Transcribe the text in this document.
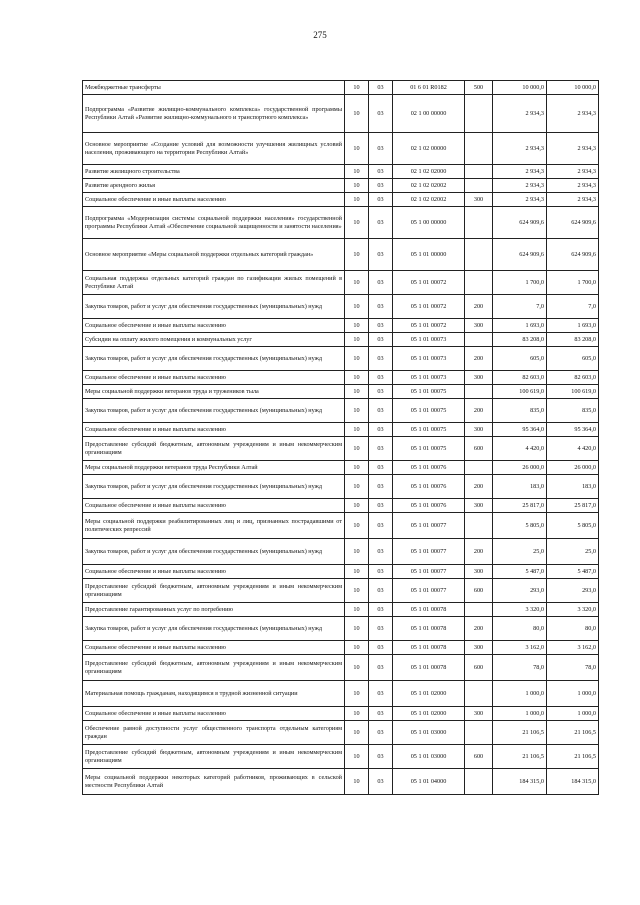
275
Межбюджетные трансферты	10	03	01 6 01 R0182	500	10 000,0	10 000,0
Подпрограмма «Развитие жилищно-коммунального комплекса» государственной программы Республики Алтай «Развитие жилищно-коммунального и транспортного комплекса»	10	03	02 1 00 00000		2 934,3	2 934,3
Основное мероприятие «Создание условий для возможности улучшения жилищных условий населения, проживающего на территории Республики Алтай»	10	03	02 1 02 00000		2 934,3	2 934,3
Развитие жилищного строительства	10	03	02 1 02 02000		2 934,3	2 934,3
Развитие арендного жилья	10	03	02 1 02 02002		2 934,3	2 934,3
Социальное обеспечение и иные выплаты населению	10	03	02 1 02 02002	300	2 934,3	2 934,3
Подпрограмма «Модернизация системы социальной поддержки населения» государственной программы Республики Алтай «Обеспечение социальной защищенности и занятости населения»	10	03	05 1 00 00000		624 909,6	624 909,6
Основное мероприятие «Меры социальной поддержки отдельных категорий граждан»	10	03	05 1 01 00000		624 909,6	624 909,6
Социальная поддержка отдельных категорий граждан по газификации жилых помещений в Республике Алтай	10	03	05 1 01 00072		1 700,0	1 700,0
Закупка товаров, работ и услуг для обеспечения государственных (муниципальных) нужд	10	03	05 1 01 00072	200	7,0	7,0
Социальное обеспечение и иные выплаты населению	10	03	05 1 01 00072	300	1 693,0	1 693,0
Субсидии на оплату жилого помещения и коммунальных услуг	10	03	05 1 01 00073		83 208,0	83 208,0
Закупка товаров, работ и услуг для обеспечения государственных (муниципальных) нужд	10	03	05 1 01 00073	200	605,0	605,0
Социальное обеспечение и иные выплаты населению	10	03	05 1 01 00073	300	82 603,0	82 603,0
Меры социальной поддержки ветеранов труда и тружеников тыла	10	03	05 1 01 00075		100 619,0	100 619,0
Закупка товаров, работ и услуг для обеспечения государственных (муниципальных) нужд	10	03	05 1 01 00075	200	835,0	835,0
Социальное обеспечение и иные выплаты населению	10	03	05 1 01 00075	300	95 364,0	95 364,0
Предоставление субсидий бюджетным, автономным учреждениям и иным некоммерческим организациям	10	03	05 1 01 00075	600	4 420,0	4 420,0
Меры социальной поддержки ветеранов труда Республики Алтай	10	03	05 1 01 00076		26 000,0	26 000,0
Закупка товаров, работ и услуг для обеспечения государственных (муниципальных) нужд	10	03	05 1 01 00076	200	183,0	183,0
Социальное обеспечение и иные выплаты населению	10	03	05 1 01 00076	300	25 817,0	25 817,0
Меры социальной поддержки реабилитированных лиц и лиц, признанных пострадавшими от политических репрессий	10	03	05 1 01 00077		5 805,0	5 805,0
Закупка товаров, работ и услуг для обеспечения государственных (муниципальных) нужд	10	03	05 1 01 00077	200	25,0	25,0
Социальное обеспечение и иные выплаты населению	10	03	05 1 01 00077	300	5 487,0	5 487,0
Предоставление субсидий бюджетным, автономным учреждениям и иным некоммерческим организациям	10	03	05 1 01 00077	600	293,0	293,0
Предоставление гарантированных услуг по погребению	10	03	05 1 01 00078		3 320,0	3 320,0
Закупка товаров, работ и услуг для обеспечения государственных (муниципальных) нужд	10	03	05 1 01 00078	200	80,0	80,0
Социальное обеспечение и иные выплаты населению	10	03	05 1 01 00078	300	3 162,0	3 162,0
Предоставление субсидий бюджетным, автономным учреждениям и иным некоммерческим организациям	10	03	05 1 01 00078	600	78,0	78,0
Материальная помощь гражданам, находящимся в трудной жизненной ситуации	10	03	05 1 01 02000		1 000,0	1 000,0
Социальное обеспечение и иные выплаты населению	10	03	05 1 01 02000	300	1 000,0	1 000,0
Обеспечение равной доступности услуг общественного транспорта отдельным категориям граждан	10	03	05 1 01 03000		21 106,5	21 106,5
Предоставление субсидий бюджетным, автономным учреждениям и иным некоммерческим организациям	10	03	05 1 01 03000	600	21 106,5	21 106,5
Меры социальной поддержки некоторых категорий работников, проживающих в сельской местности Республики Алтай	10	03	05 1 01 04000		184 315,0	184 315,0
